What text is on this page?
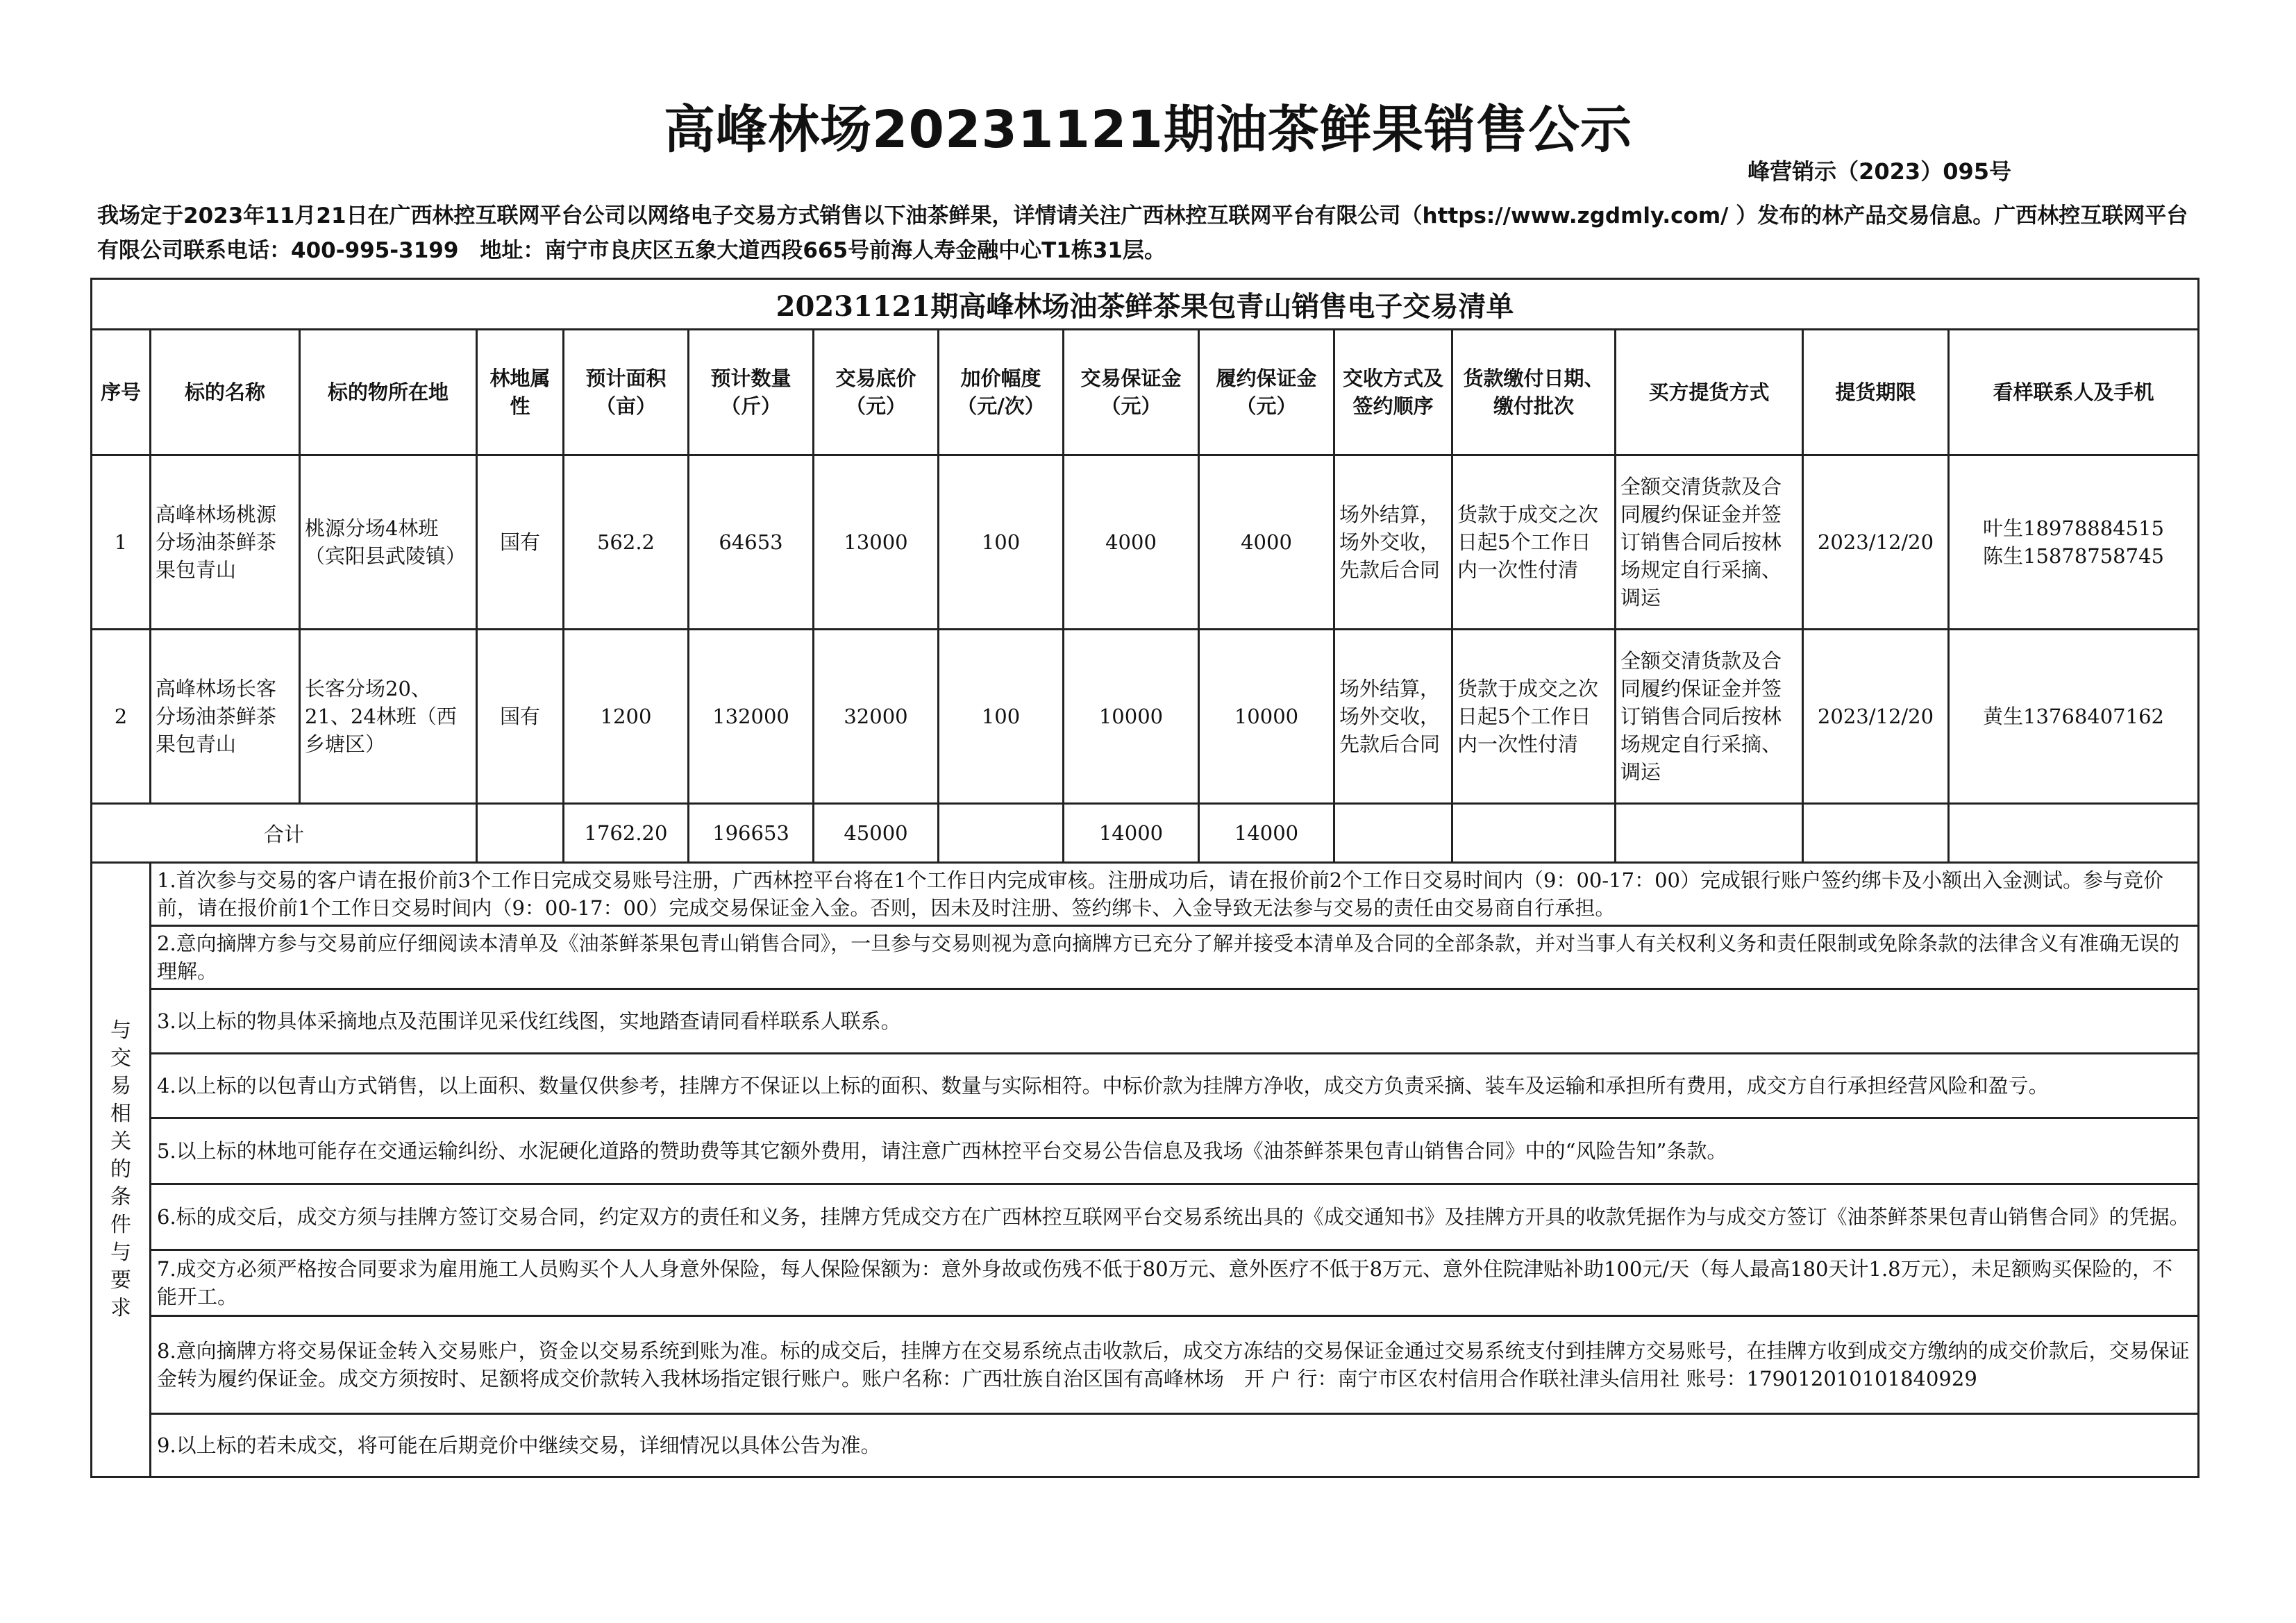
高峰林场20231121期油茶鲜果销售公示
峰营销示（2023）095号
我场定于2023年11月21日在广西林控互联网平台公司以网络电子交易方式销售以下油茶鲜果，详情请关注广西林控互联网平台有限公司（https://www.zgdmly.com/ ）发布的林产品交易信息。广西林控互联网平台有限公司联系电话：400-995-3199　地址：南宁市良庆区五象大道西段665号前海人寿金融中心T1栋31层。
20231121期高峰林场油茶鲜茶果包青山销售电子交易清单														
序号	标的名称	标的物所在地	林地属性	预计面积（亩）	预计数量（斤）	交易底价（元）	加价幅度（元/次）	交易保证金（元）	履约保证金（元）	交收方式及签约顺序	货款缴付日期、缴付批次	买方提货方式	提货期限	看样联系人及手机
1	高峰林场桃源分场油茶鲜茶果包青山	桃源分场4林班（宾阳县武陵镇）	国有	562.2	64653	13000	100	4000	4000	场外结算，场外交收，先款后合同	货款于成交之次日起5个工作日内一次性付清	全额交清货款及合同履约保证金并签订销售合同后按林场规定自行采摘、调运	2023/12/20	叶生18978884515
陈生15878758745

2	高峰林场长客分场油茶鲜茶果包青山	长客分场20、21、24林班（西乡塘区）	国有	1200	132000	32000	100	10000	10000	场外结算，场外交收，先款后合同	货款于成交之次日起5个工作日内一次性付清	全额交清货款及合同履约保证金并签订销售合同后按林场规定自行采摘、调运	2023/12/20	黄生13768407162

合计				1762.20	196653	45000		14000	14000					
与交易相关的条件与要求	1.首次参与交易的客户请在报价前3个工作日完成交易账号注册，广西林控平台将在1个工作日内完成审核。注册成功后，请在报价前2个工作日交易时间内（9：00-17：00）完成银行账户签约绑卡及小额出入金测试。参与竞价前，请在报价前1个工作日交易时间内（9：00-17：00）完成交易保证金入金。否则，因未及时注册、签约绑卡、入金导致无法参与交易的责任由交易商自行承担。													
	2.意向摘牌方参与交易前应仔细阅读本清单及《油茶鲜茶果包青山销售合同》，一旦参与交易则视为意向摘牌方已充分了解并接受本清单及合同的全部条款，并对当事人有关权利义务和责任限制或免除条款的法律含义有准确无误的理解。													
	3.以上标的物具体采摘地点及范围详见采伐红线图，实地踏查请同看样联系人联系。													
	4.以上标的以包青山方式销售，以上面积、数量仅供参考，挂牌方不保证以上标的面积、数量与实际相符。中标价款为挂牌方净收，成交方负责采摘、装车及运输和承担所有费用，成交方自行承担经营风险和盈亏。													
	5.以上标的林地可能存在交通运输纠纷、水泥硬化道路的赞助费等其它额外费用，请注意广西林控平台交易公告信息及我场《油茶鲜茶果包青山销售合同》中的“风险告知”条款。													
	6.标的成交后，成交方须与挂牌方签订交易合同，约定双方的责任和义务，挂牌方凭成交方在广西林控互联网平台交易系统出具的《成交通知书》及挂牌方开具的收款凭据作为与成交方签订《油茶鲜茶果包青山销售合同》的凭据。													
	7.成交方必须严格按合同要求为雇用施工人员购买个人人身意外保险，每人保险保额为：意外身故或伤残不低于80万元、意外医疗不低于8万元、意外住院津贴补助100元/天（每人最高180天计1.8万元），未足额购买保险的，不能开工。													
	8.意向摘牌方将交易保证金转入交易账户，资金以交易系统到账为准。标的成交后，挂牌方在交易系统点击收款后，成交方冻结的交易保证金通过交易系统支付到挂牌方交易账号，在挂牌方收到成交方缴纳的成交价款后，交易保证金转为履约保证金。成交方须按时、足额将成交价款转入我林场指定银行账户。账户名称：广西壮族自治区国有高峰林场　开 户 行：南宁市区农村信用合作联社津头信用社 账号：179012010101840929													
	9.以上标的若未成交，将可能在后期竞价中继续交易，详细情况以具体公告为准。													
